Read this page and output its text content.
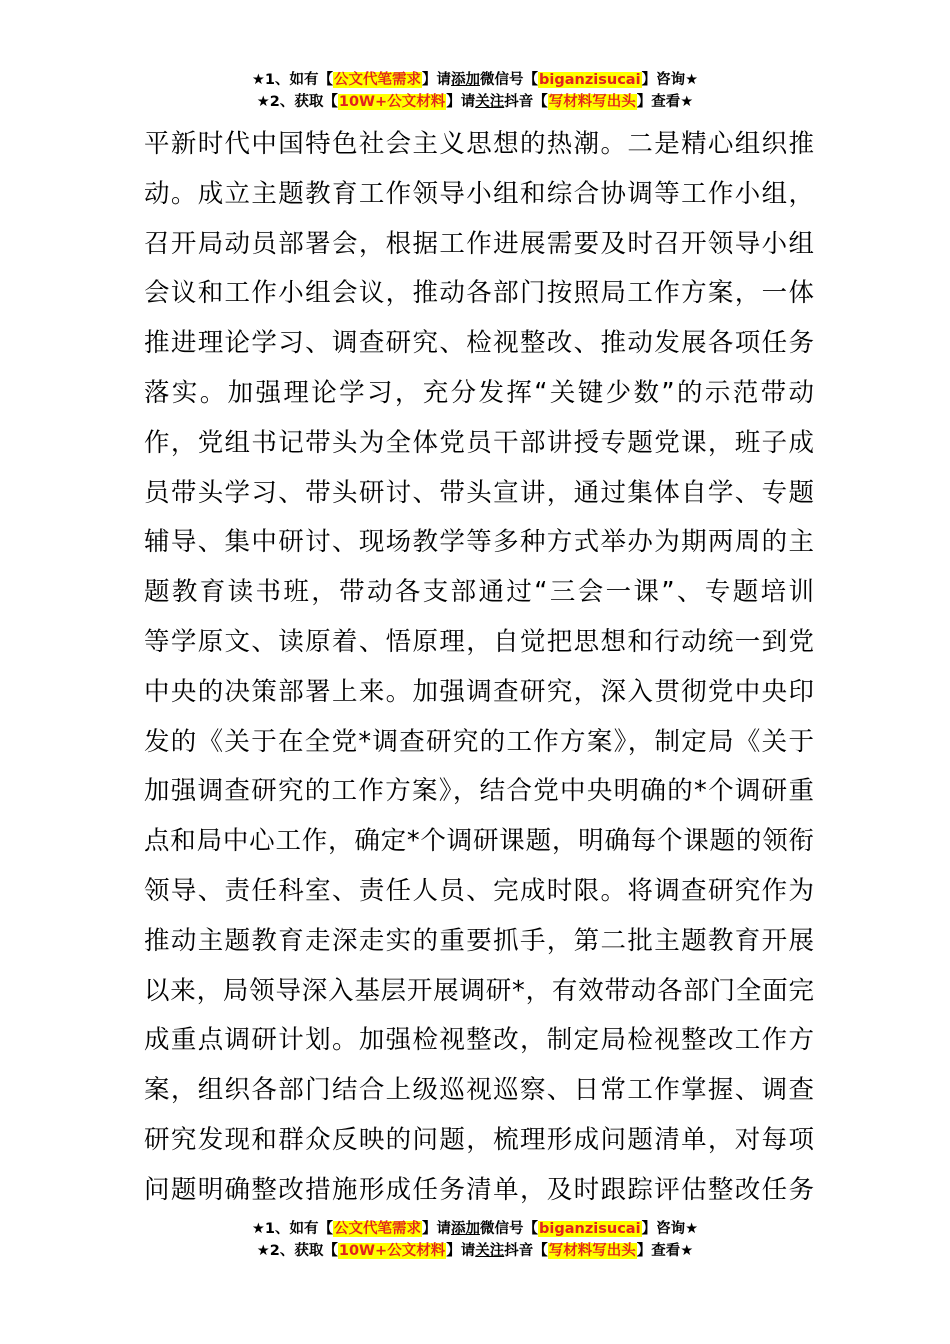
★1、如有【公文代笔需求】请添加微信号【biganzisucai】咨询★
★2、获取【10W+公文材料】请关注抖音【写材料写出头】查看★
平新时代中国特色社会主义思想的热潮。二是精心组织推
动。成立主题教育工作领导小组和综合协调等工作小组，
召开局动员部署会，根据工作进展需要及时召开领导小组
会议和工作小组会议，推动各部门按照局工作方案，一体
推进理论学习、调查研究、检视整改、推动发展各项任务
落实。加强理论学习，充分发挥“关键少数”的示范带动
作，党组书记带头为全体党员干部讲授专题党课，班子成
员带头学习、带头研讨、带头宣讲，通过集体自学、专题
辅导、集中研讨、现场教学等多种方式举办为期两周的主
题教育读书班，带动各支部通过“三会一课”、专题培训
等学原文、读原着、悟原理，自觉把思想和行动统一到党
中央的决策部署上来。加强调查研究，深入贯彻党中央印
发的《关于在全党*调查研究的工作方案》，制定局《关于
加强调查研究的工作方案》，结合党中央明确的*个调研重
点和局中心工作，确定*个调研课题，明确每个课题的领衔
领导、责任科室、责任人员、完成时限。将调查研究作为
推动主题教育走深走实的重要抓手，第二批主题教育开展
以来，局领导深入基层开展调研*，有效带动各部门全面完
成重点调研计划。加强检视整改，制定局检视整改工作方
案，组织各部门结合上级巡视巡察、日常工作掌握、调查
研究发现和群众反映的问题，梳理形成问题清单，对每项
问题明确整改措施形成任务清单，及时跟踪评估整改任务
★1、如有【公文代笔需求】请添加微信号【biganzisucai】咨询★
★2、获取【10W+公文材料】请关注抖音【写材料写出头】查看★
